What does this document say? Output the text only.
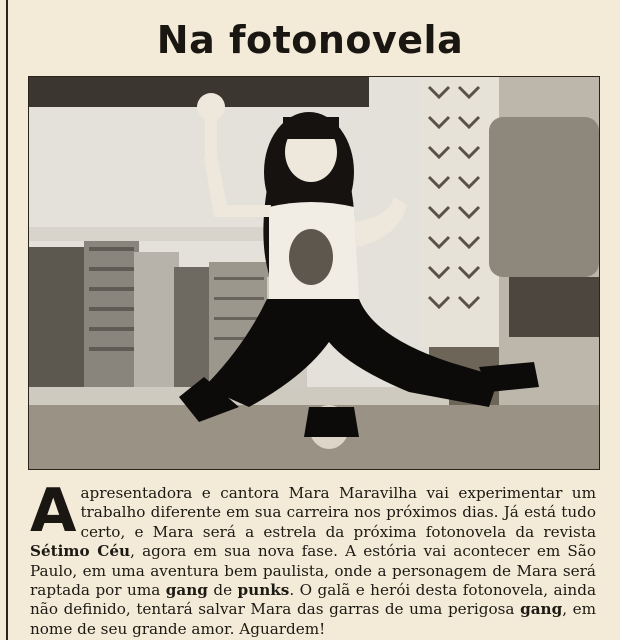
Na fotonovela
A apresentadora e cantora Mara Maravilha vai experimentar um trabalho diferente em sua carreira nos próximos dias. Já está tudo certo, e Mara será a estrela da próxima fotonovela da revista Sétimo Céu, agora em sua nova fase. A estória vai acontecer em São Paulo, em uma aventura bem paulista, onde a personagem de Mara será raptada por uma gang de punks. O galã e herói desta fotonovela, ainda não definido, tentará salvar Mara das garras de uma perigosa gang, em nome de seu grande amor. Aguardem!
